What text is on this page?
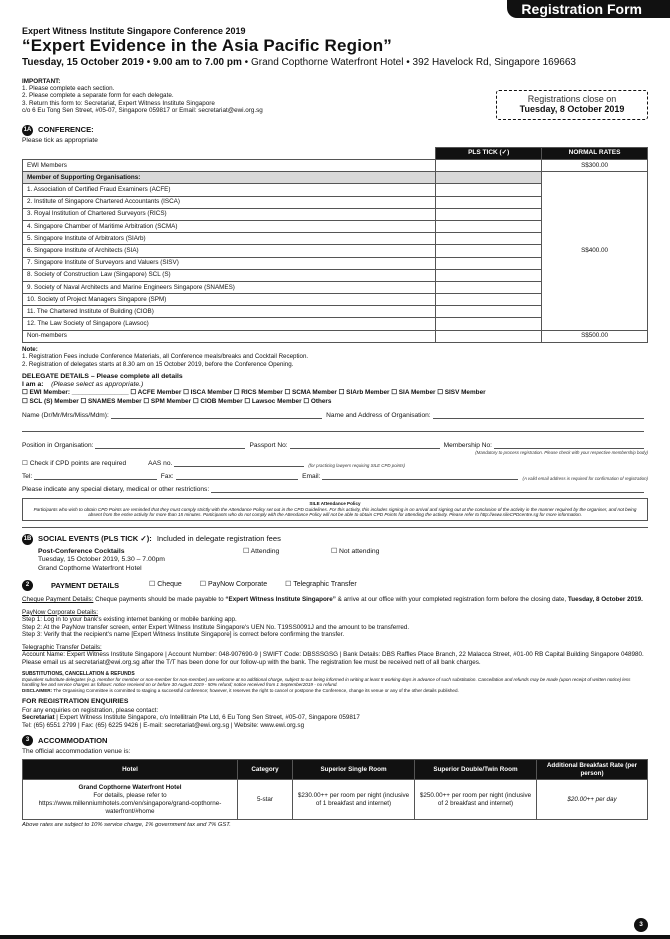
Registration Form
Expert Witness Institute Singapore Conference 2019
“Expert Evidence in the Asia Pacific Region”
Tuesday, 15 October 2019 • 9.00 am to 7.00 pm • Grand Copthorne Waterfront Hotel • 392 Havelock Rd, Singapore 169663
IMPORTANT:
1. Please complete each section.
2. Please complete a separate form for each delegate.
3. Return this form to: Secretariat, Expert Witness Institute Singapore
c/o 6 Eu Tong Sen Street, #05-07, Singapore 059817 or Email: secretariat@ewi.org.sg
Registrations close on
Tuesday, 8 October 2019
1A CONFERENCE:
Please tick as appropriate
	PLS TICK (✓)	NORMAL RATES
EWI Members		S$300.00
Member of Supporting Organisations:		S$400.00
1. Association of Certified Fraud Examiners (ACFE)		
2. Institute of Singapore Chartered Accountants (ISCA)		
3. Royal Institution of Chartered Surveyors (RICS)		
4. Singapore Chamber of Maritime Arbitration (SCMA)		
5. Singapore Institute of Arbitrators (SIArb)		
6. Singapore Institute of Architects (SIA)		
7. Singapore Institute of Surveyors and Valuers (SISV)		
8. Society of Construction Law (Singapore) SCL (S)		
9. Society of Naval Architects and Marine Engineers Singapore (SNAMES)		
10. Society of Project Managers Singapore (SPM)		
11. The Chartered Institute of Building (CIOB)		
12. The Law Society of Singapore (Lawsoc)		
Non-members		S$500.00
Note:
1. Registration Fees include Conference Materials, all Conference meals/breaks and Cocktail Reception.
2. Registration of delegates starts at 8.30 am on 15 October 2019, before the Conference Opening.
DELEGATE DETAILS – Please complete all details
I am a: (Please select as appropriate.)
☐ EWI Member: ________________ ☐ ACFE Member ☐ ISCA Member ☐ RICS Member ☐ SCMA Member ☐ SIArb Member ☐ SIA Member ☐ SISV Member
☐ SCL (S) Member ☐ SNAMES Member ☐ SPM Member ☐ CIOB Member ☐ Lawsoc Member ☐ Others
Name (Dr/Mr/Mrs/Miss/Mdm):	Name and Address of Organisation:
Position in Organisation:	Passport No:	Membership No:
(Mandatory to process registration. Please check with your respective membership body)
☐ Check if CPD points are required	AAS no.	(for practicing lawyers requiring SILE CPD points)
Tel:	Fax:	Email:	(A valid email address is required for confirmation of registration)
Please indicate any special dietary, medical or other restrictions:
SILE Attendance Policy
Participants who wish to obtain CPD Points are reminded that they must comply strictly with the Attendance Policy set out in the CPD Guidelines. For this activity, this includes signing in on arrival and signing out at the conclusion of the activity in the manner required by the organiser, and not being absent from the entire activity for more than 15 minutes. Participants who do not comply with the Attendance Policy will not be able to obtain CPD Points for attending the activity. Please refer to http://www.sileCPDcentre.sg for more information.
1B SOCIAL EVENTS (PLS TICK ✓): Included in delegate registration fees
Post-Conference Cocktails
Tuesday, 15 October 2019, 5.30 – 7.00pm
Grand Copthorne Waterfront Hotel
☐ Attending	☐ Not attending
2	PAYMENT DETAILS	☐ Cheque	☐ PayNow Corporate	☐ Telegraphic Transfer
Cheque Payment Details: Cheque payments should be made payable to “Expert Witness Institute Singapore” & arrive at our office with your completed registration form before the closing date, Tuesday, 8 October 2019.
PayNow Corporate Details:
Step 1: Log in to your bank's existing internet banking or mobile banking app.
Step 2: At the PayNow transfer screen, enter Expert Witness Institute Singapore's UEN No. T19SS0091J and the amount to be transferred.
Step 3: Verify that the recipient's name [Expert Witness Institute Singapore] is correct before confirming the transfer.
Telegraphic Transfer Details:
Account Name: Expert Witness Institute Singapore | Account Number: 048-907690-9 | SWIFT Code: DBSSSGSG | Bank Details: DBS Raffles Place Branch, 22 Malacca Street, #01-00 RB Capital Building Singapore 048980. Please email us at secretariat@ewi.org.sg after the T/T has been done for our follow-up with the bank. The registration fee must be received nett of all bank charges.
SUBSTITUTIONS, CANCELLATION & REFUNDS
Equivalent substitute delegates (e.g. member for member or non-member for non-member) are welcome at no additional charge, subject to our being informed in writing at least 5 working days in advance of such substitution. Cancellation and refunds may be made (upon receipt of written notice) less handling fee and service charges as follows: notice received on or before 30 August 2019 - 50% refund; notice received from 1 September2019 - no refund.
DISCLAIMER: The Organising Committee is committed to staging a successful conference; however, it reserves the right to cancel or postpone the Conference, change its venue or any of the other details published.
FOR REGISTRATION ENQUIRIES
For any enquiries on registration, please contact:
Secretariat | Expert Witness Institute Singapore, c/o Intellitrain Pte Ltd, 6 Eu Tong Sen Street, #05-07, Singapore 059817
Tel: (65) 6551 2799 | Fax: (65) 6225 9426 | E-mail: secretariat@ewi.org.sg | Website: www.ewi.org.sg
3	ACCOMMODATION
The official accommodation venue is:
Hotel	Category	Superior Single Room	Superior Double/Twin Room	Additional Breakfast Rate (per person)

Grand Copthorne Waterfront Hotel
For details, please refer to https://www.millenniumhotels.com/en/singapore/grand-copthorne-waterfront/#home	5-star	$230.00++ per room per night (inclusive of 1 breakfast and internet)	$250.00++ per room per night (inclusive of 2 breakfast and internet)	$20.00++ per day
Above rates are subject to 10% service charge, 1% government tax and 7% GST.
3
